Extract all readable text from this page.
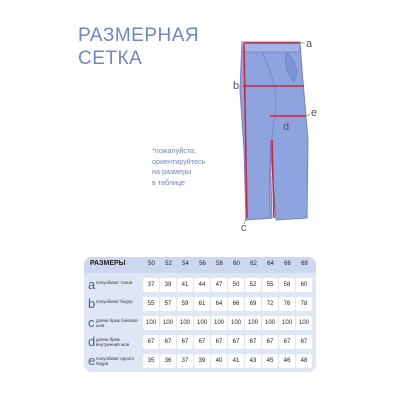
РАЗМЕРНАЯ
СЕТКА
*пожалуйста,
ориентируйтесь
на размеры
в таблице
a
b
c
d
e
РАЗМЕРЫ	50	52	54	56	58	60	62	64	66	68
a полуобхват талии	37	39	41	44	47	50	52	55	58	60
b полуобхват бедер	55	57	59	61	64	66	69	72	76	78
c длина брюк боковой шов	100	100	100	100	100	100	100	100	100	100
d длина брюк внутренний шов	67	67	67	67	67	67	67	67	67	67
e полуобхват одного бедра	35	36	37	39	40	41	43	45	46	48
